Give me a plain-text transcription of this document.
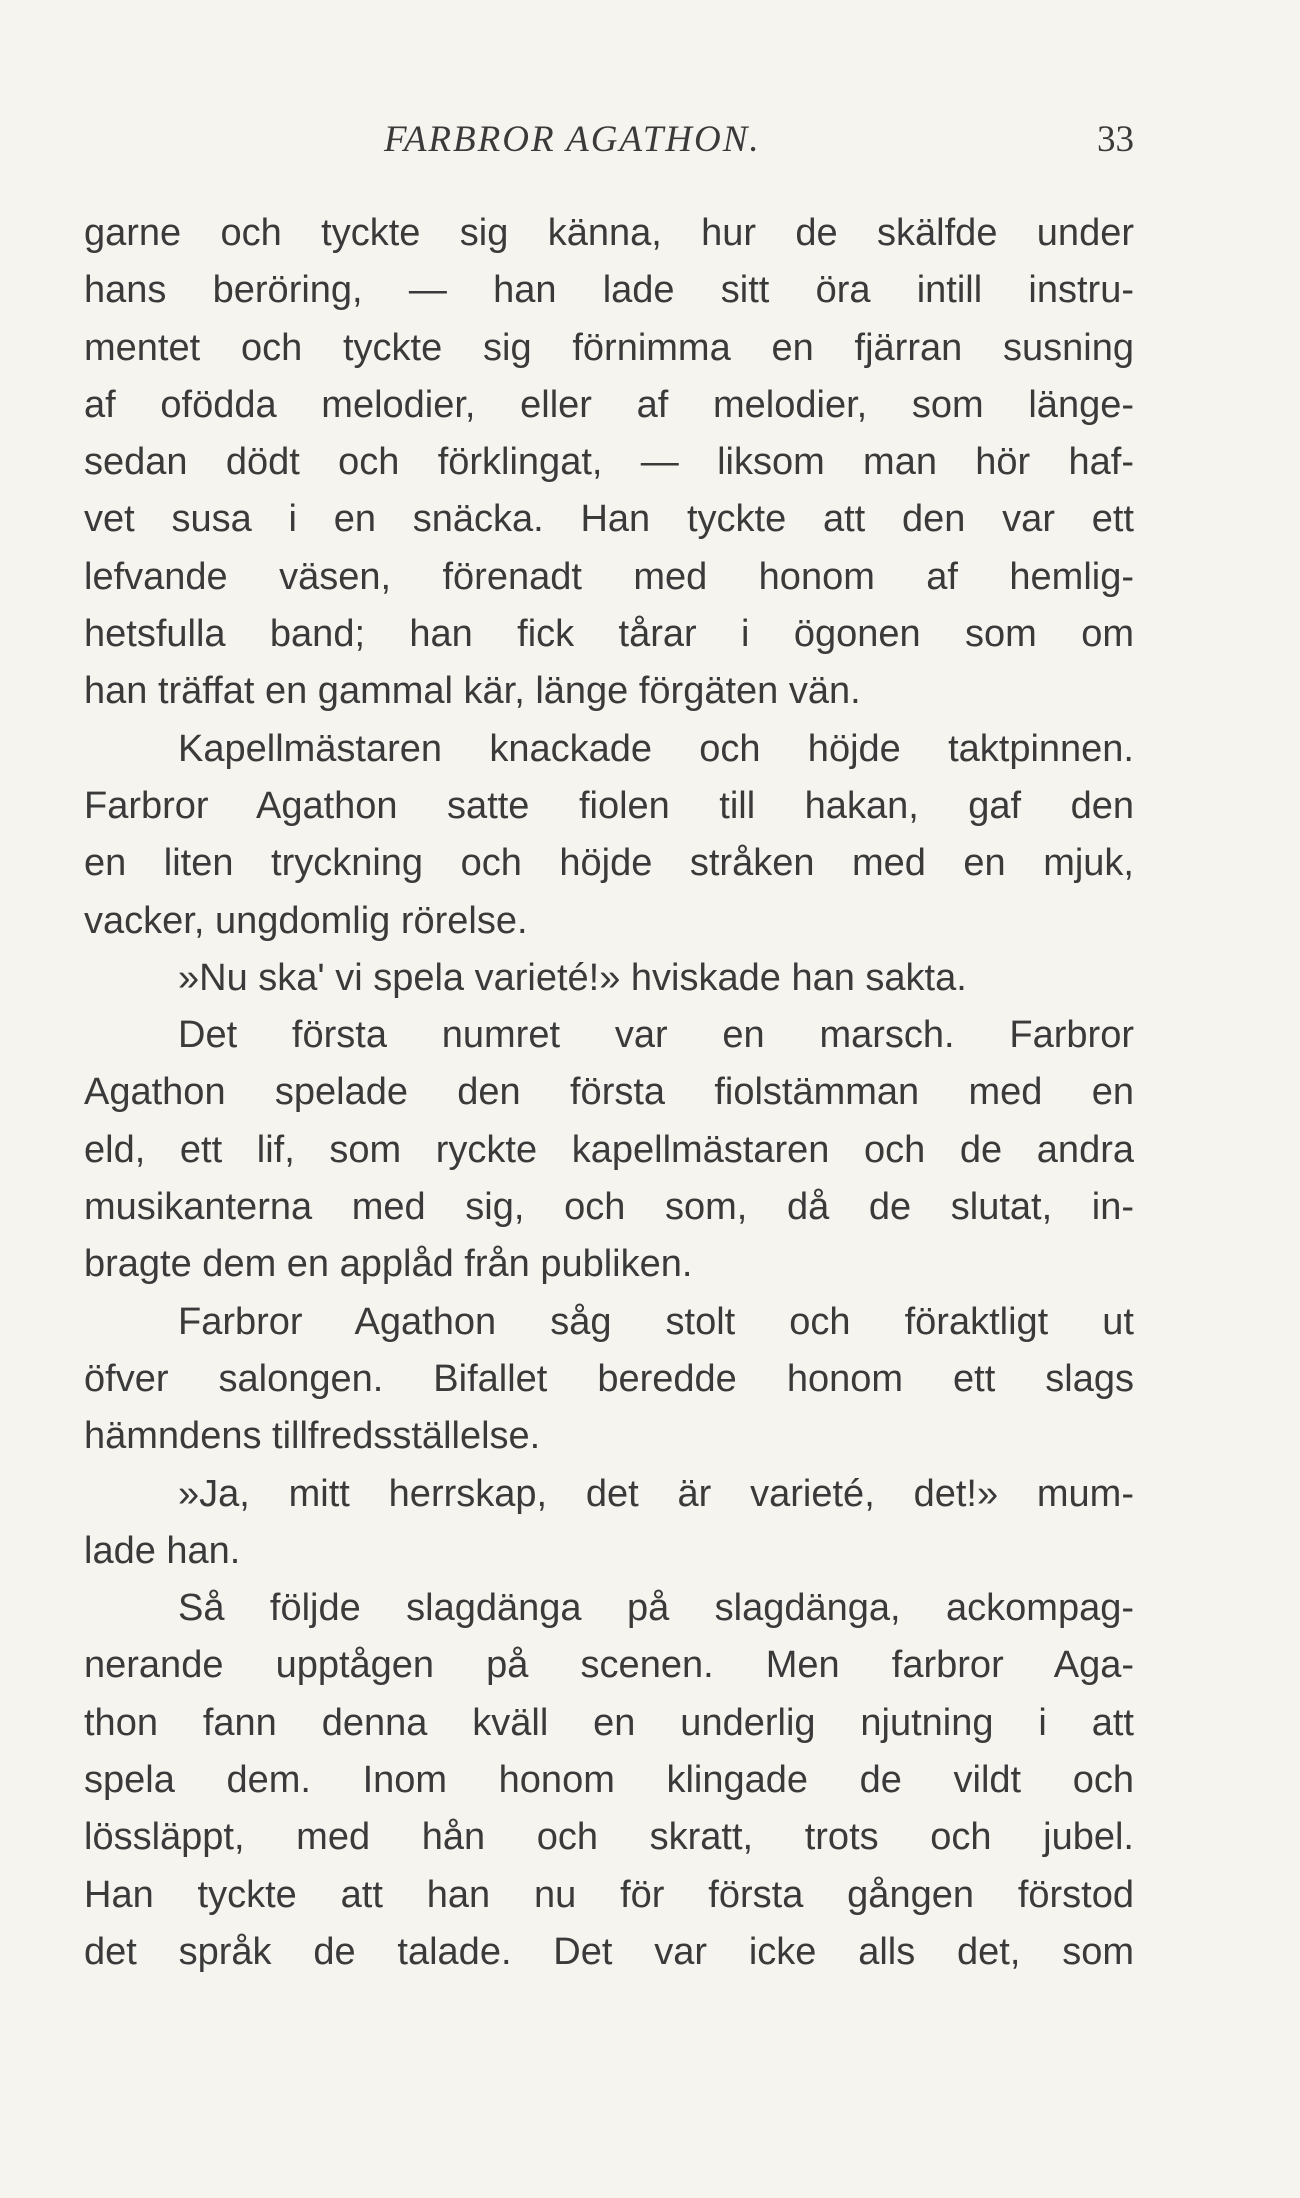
FARBROR AGATHON.	33
garne och tyckte sig känna, hur de skälfde under
hans beröring, — han lade sitt öra intill instru-
mentet och tyckte sig förnimma en fjärran susning
af ofödda melodier, eller af melodier, som länge-
sedan dödt och förklingat, — liksom man hör haf-
vet susa i en snäcka. Han tyckte att den var ett
lefvande väsen, förenadt med honom af hemlig-
hetsfulla band; han fick tårar i ögonen som om
han träffat en gammal kär, länge förgäten vän.
Kapellmästaren knackade och höjde taktpinnen.
Farbror Agathon satte fiolen till hakan, gaf den
en liten tryckning och höjde stråken med en mjuk,
vacker, ungdomlig rörelse.
»Nu ska' vi spela varieté!» hviskade han sakta.
Det första numret var en marsch. Farbror
Agathon spelade den första fiolstämman med en
eld, ett lif, som ryckte kapellmästaren och de andra
musikanterna med sig, och som, då de slutat, in-
bragte dem en applåd från publiken.
Farbror Agathon såg stolt och föraktligt ut
öfver salongen. Bifallet beredde honom ett slags
hämndens tillfredsställelse.
»Ja, mitt herrskap, det är varieté, det!» mum-
lade han.
Så följde slagdänga på slagdänga, ackompag-
nerande upptågen på scenen. Men farbror Aga-
thon fann denna kväll en underlig njutning i att
spela dem. Inom honom klingade de vildt och
lössläppt, med hån och skratt, trots och jubel.
Han tyckte att han nu för första gången förstod
det språk de talade. Det var icke alls det, som
